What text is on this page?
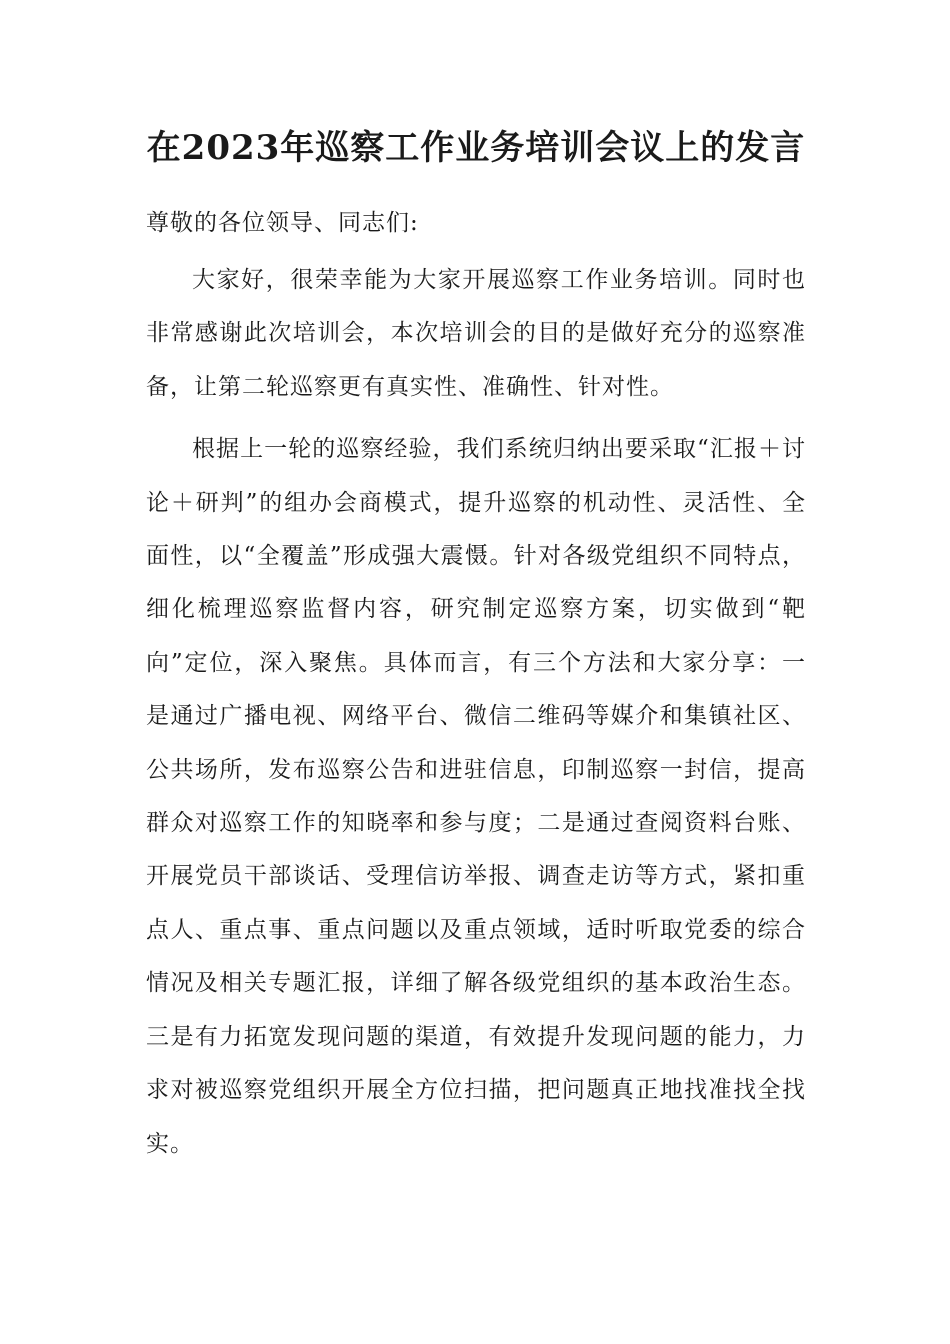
在2023年巡察工作业务培训会议上的发言

尊敬的各位领导、同志们:

大家好，很荣幸能为大家开展巡察工作业务培训。同时也非常感谢此次培训会，本次培训会的目的是做好充分的巡察准备，让第二轮巡察更有真实性、准确性、针对性。

根据上一轮的巡察经验，我们系统归纳出要采取“汇报＋讨论＋研判”的组办会商模式，提升巡察的机动性、灵活性、全面性，以“全覆盖”形成强大震慑。针对各级党组织不同特点，细化梳理巡察监督内容，研究制定巡察方案，切实做到“靶向”定位，深入聚焦。具体而言，有三个方法和大家分享：一是通过广播电视、网络平台、微信二维码等媒介和集镇社区、公共场所，发布巡察公告和进驻信息，印制巡察一封信，提高群众对巡察工作的知晓率和参与度；二是通过查阅资料台账、开展党员干部谈话、受理信访举报、调查走访等方式，紧扣重点人、重点事、重点问题以及重点领域，适时听取党委的综合情况及相关专题汇报，详细了解各级党组织的基本政治生态。三是有力拓宽发现问题的渠道，有效提升发现问题的能力，力求对被巡察党组织开展全方位扫描，把问题真正地找准找全找实。
